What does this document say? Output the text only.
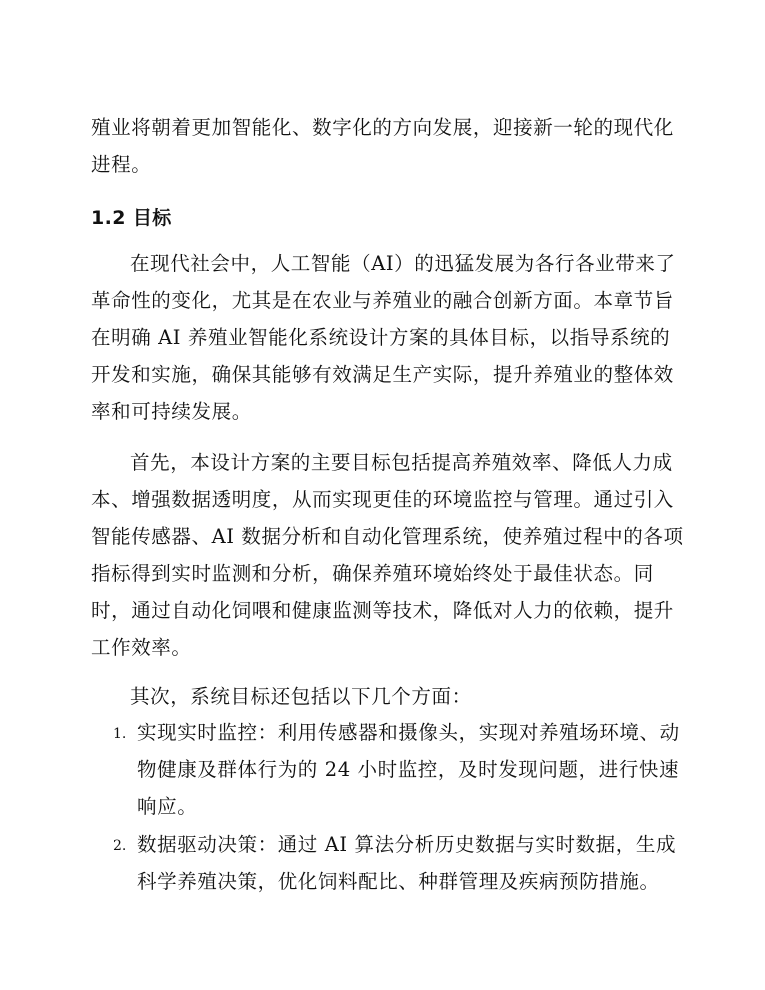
殖业将朝着更加智能化、数字化的方向发展，迎接新一轮的现代化
进程。
1.2 目标
在现代社会中，人工智能（AI）的迅猛发展为各行各业带来了
革命性的变化，尤其是在农业与养殖业的融合创新方面。本章节旨
在明确 AI 养殖业智能化系统设计方案的具体目标，以指导系统的
开发和实施，确保其能够有效满足生产实际，提升养殖业的整体效
率和可持续发展。
首先，本设计方案的主要目标包括提高养殖效率、降低人力成
本、增强数据透明度，从而实现更佳的环境监控与管理。通过引入
智能传感器、AI 数据分析和自动化管理系统，使养殖过程中的各项
指标得到实时监测和分析，确保养殖环境始终处于最佳状态。同
时，通过自动化饲喂和健康监测等技术，降低对人力的依赖，提升
工作效率。
其次，系统目标还包括以下几个方面：
1. 实现实时监控：利用传感器和摄像头，实现对养殖场环境、动
物健康及群体行为的 24 小时监控，及时发现问题，进行快速
响应。
2. 数据驱动决策：通过 AI 算法分析历史数据与实时数据，生成
科学养殖决策，优化饲料配比、种群管理及疾病预防措施。
